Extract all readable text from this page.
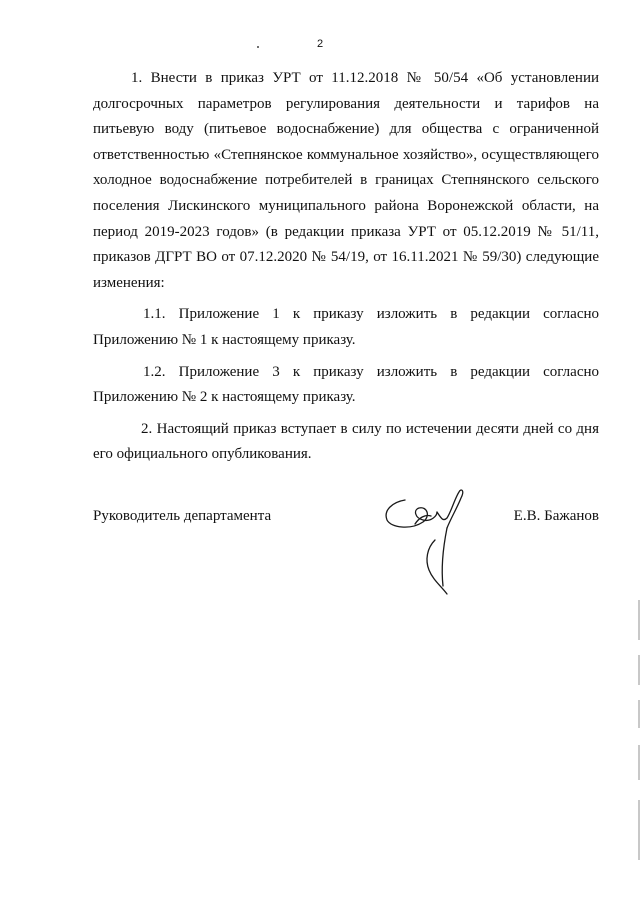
2

1. Внести в приказ УРТ от 11.12.2018 № 50/54 «Об установлении долгосрочных параметров регулирования деятельности и тарифов на питьевую воду (питьевое водоснабжение) для общества с ограниченной ответственностью «Степнянское коммунальное хозяйство», осуществляющего холодное водоснабжение потребителей в границах Степнянского сельского поселения Лискинского муниципального района Воронежской области, на период 2019-2023 годов» (в редакции приказа УРТ от 05.12.2019 № 51/11, приказов ДГРТ ВО от 07.12.2020 № 54/19, от 16.11.2021 № 59/30) следующие изменения:

1.1. Приложение 1 к приказу изложить в редакции согласно Приложению № 1 к настоящему приказу.

1.2. Приложение 3 к приказу изложить в редакции согласно Приложению № 2 к настоящему приказу.

2. Настоящий приказ вступает в силу по истечении десяти дней со дня его официального опубликования.

Руководитель департамента	Е.В. Бажанов
